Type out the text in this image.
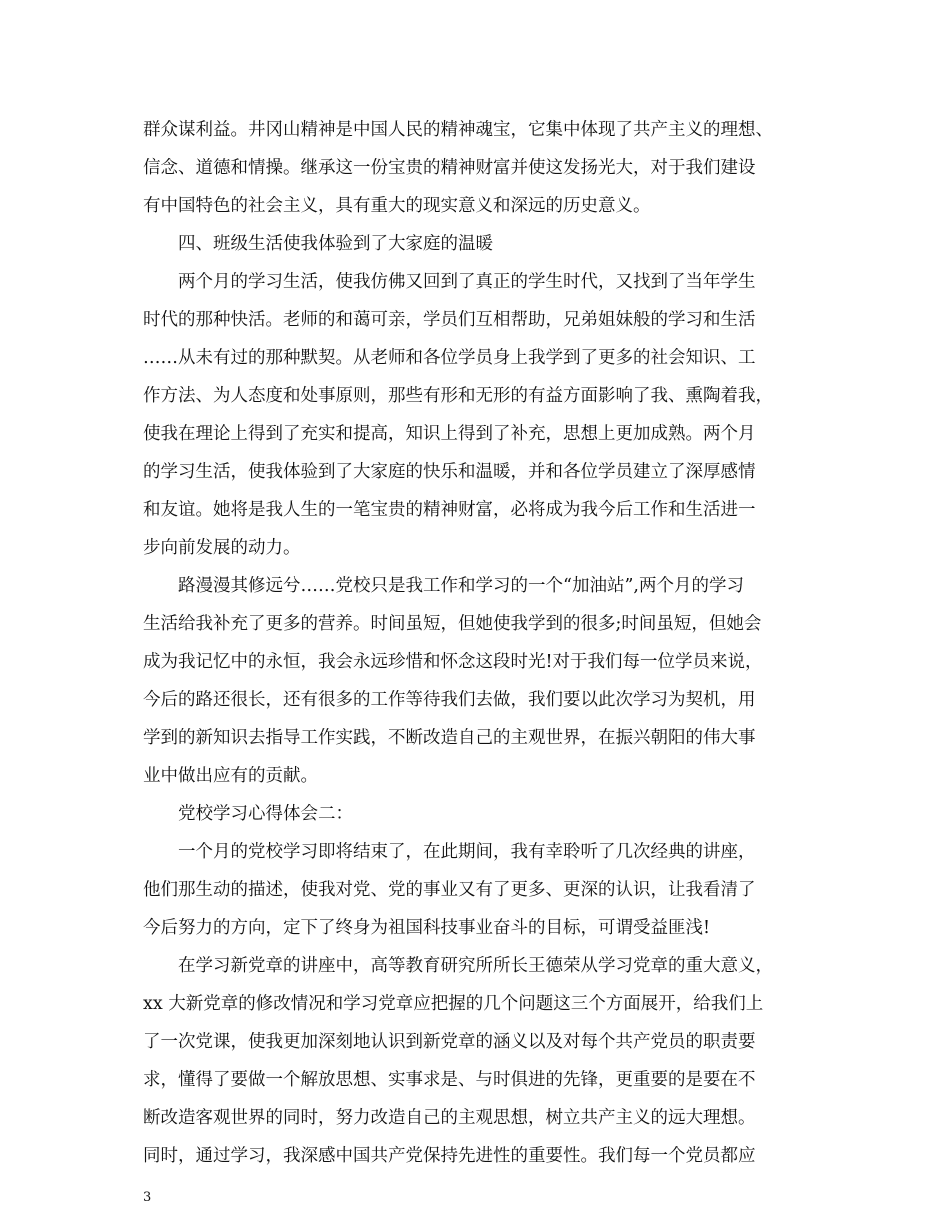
群众谋利益。井冈山精神是中国人民的精神魂宝，它集中体现了共产主义的理想、
信念、道德和情操。继承这一份宝贵的精神财富并使这发扬光大，对于我们建设
有中国特色的社会主义，具有重大的现实意义和深远的历史意义。
四、班级生活使我体验到了大家庭的温暖
两个月的学习生活，使我仿佛又回到了真正的学生时代，又找到了当年学生
时代的那种快活。老师的和蔼可亲，学员们互相帮助，兄弟姐妹般的学习和生活
……从未有过的那种默契。从老师和各位学员身上我学到了更多的社会知识、工
作方法、为人态度和处事原则，那些有形和无形的有益方面影响了我、熏陶着我，
使我在理论上得到了充实和提高，知识上得到了补充，思想上更加成熟。两个月
的学习生活，使我体验到了大家庭的快乐和温暖，并和各位学员建立了深厚感情
和友谊。她将是我人生的一笔宝贵的精神财富，必将成为我今后工作和生活进一
步向前发展的动力。
路漫漫其修远兮……党校只是我工作和学习的一个“加油站”,两个月的学习
生活给我补充了更多的营养。时间虽短，但她使我学到的很多;时间虽短，但她会
成为我记忆中的永恒，我会永远珍惜和怀念这段时光!对于我们每一位学员来说，
今后的路还很长，还有很多的工作等待我们去做，我们要以此次学习为契机，用
学到的新知识去指导工作实践，不断改造自己的主观世界，在振兴朝阳的伟大事
业中做出应有的贡献。
党校学习心得体会二：
一个月的党校学习即将结束了，在此期间，我有幸聆听了几次经典的讲座，
他们那生动的描述，使我对党、党的事业又有了更多、更深的认识，让我看清了
今后努力的方向，定下了终身为祖国科技事业奋斗的目标，可谓受益匪浅!
在学习新党章的讲座中，高等教育研究所所长王德荣从学习党章的重大意义，
xx 大新党章的修改情况和学习党章应把握的几个问题这三个方面展开，给我们上
了一次党课，使我更加深刻地认识到新党章的涵义以及对每个共产党员的职责要
求，懂得了要做一个解放思想、实事求是、与时俱进的先锋，更重要的是要在不
断改造客观世界的同时，努力改造自己的主观思想，树立共产主义的远大理想。
同时，通过学习，我深感中国共产党保持先进性的重要性。我们每一个党员都应
3
